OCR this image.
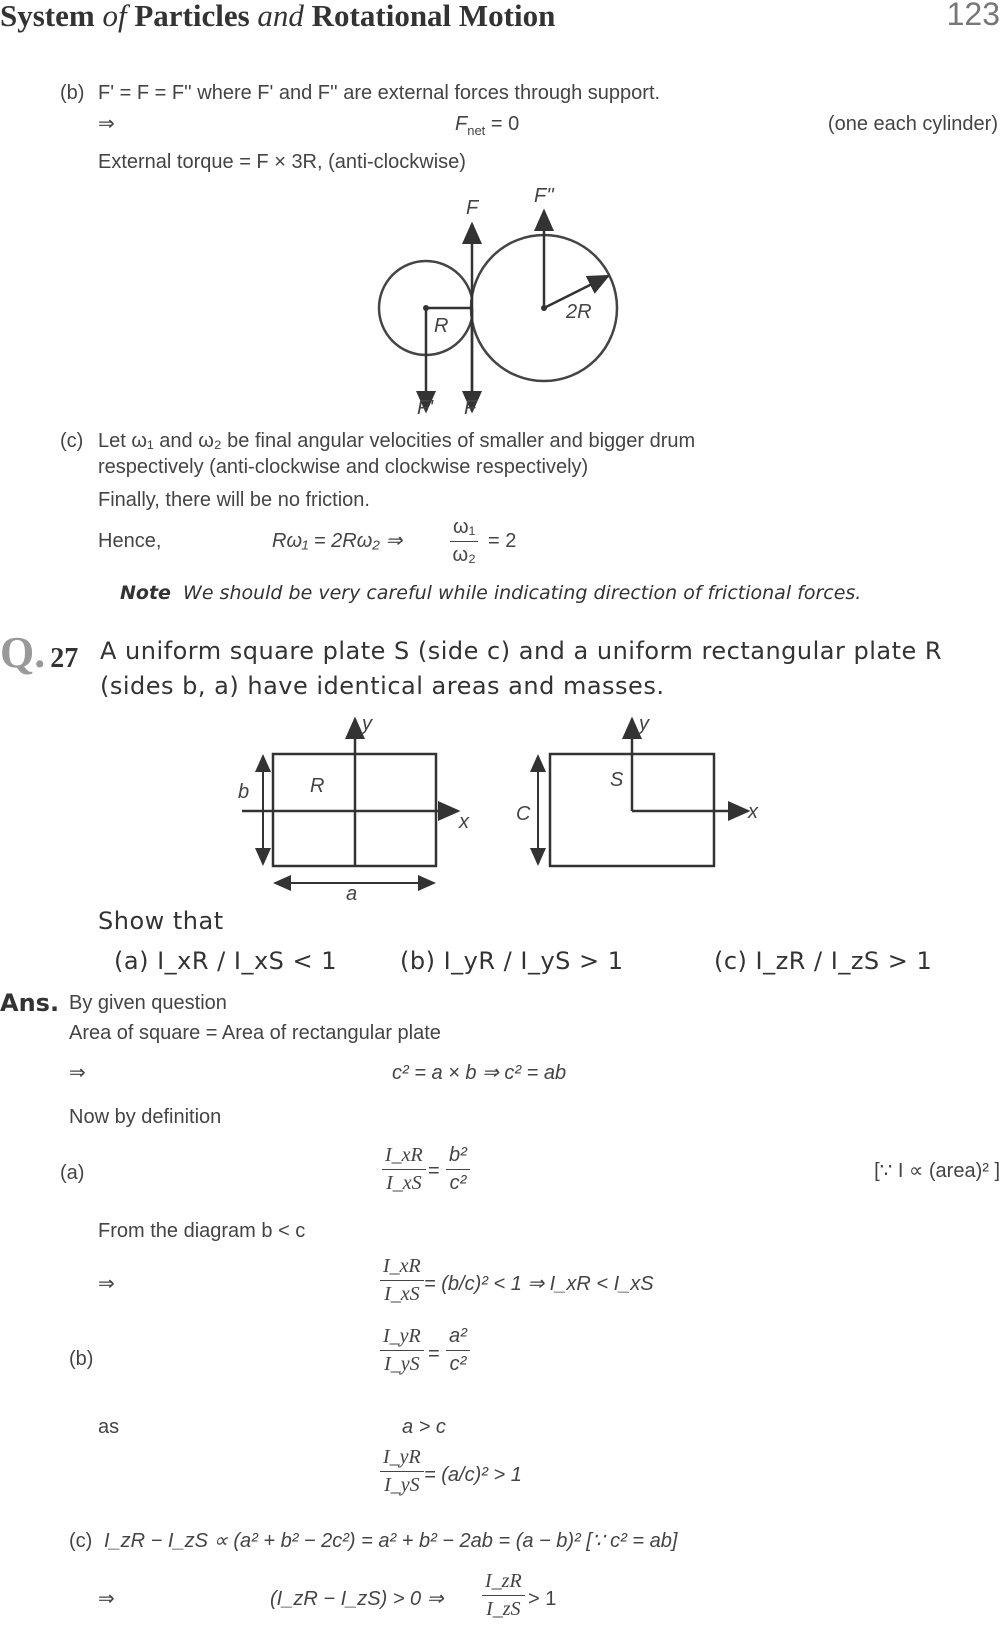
System of Particles and Rotational Motion	123
(b) F' = F = F'' where F' and F'' are external forces through support.
⇒	$F_{net} = 0$	(one each cylinder)
External torque = F × 3R, (anti-clockwise)
F
F''
R
2R
F' F
(c) Let ω₁ and ω₂ be final angular velocities of smaller and bigger drum
respectively (anti-clockwise and clockwise respectively)
Finally, there will be no friction.
Hence,	Rω₁ = 2Rω₂ ⇒ $\frac{\text{ω₁}}{\text{ω₂}} = 2$
Note We should be very careful while indicating direction of frictional forces.
Q. 27 A uniform square plate S (side c) and a uniform rectangular plate R
(sides b, a) have identical areas and masses.
y
b	R
x
a
y
S
C	x
Show that
(a) I_xR / I_xS < 1	(b) I_yR / I_yS > 1	(c) I_zR / I_zS > 1
Ans. By given question
Area of square = Area of rectangular plate
⇒	c² = a × b ⇒ c² = ab
Now by definition
(a)	$\frac{I\_xR}{I\_xS} = \frac{\text{b²}}{\text{c²}}$	[∵ I ∝ (area)² ]
From the diagram b < c
⇒	$\frac{I\_xR}{I\_xS} = (b/c)^2 < 1$ ⇒ I_xR < I_xS
(b)	$\frac{I\_yR}{I\_yS} = \frac{\text{a²}}{\text{c²}}$
as	a > c
$\frac{I\_yR}{I\_yS} = (a/c)^2 > 1$
(c) I_zR − I_zS ∝ (a² + b² − 2c²) = a² + b² − 2ab = (a − b)² [∵ c² = ab]
⇒	(I_zR − I_zS) > 0 ⇒ $\frac{I\_zR}{I\_zS} > 1$
